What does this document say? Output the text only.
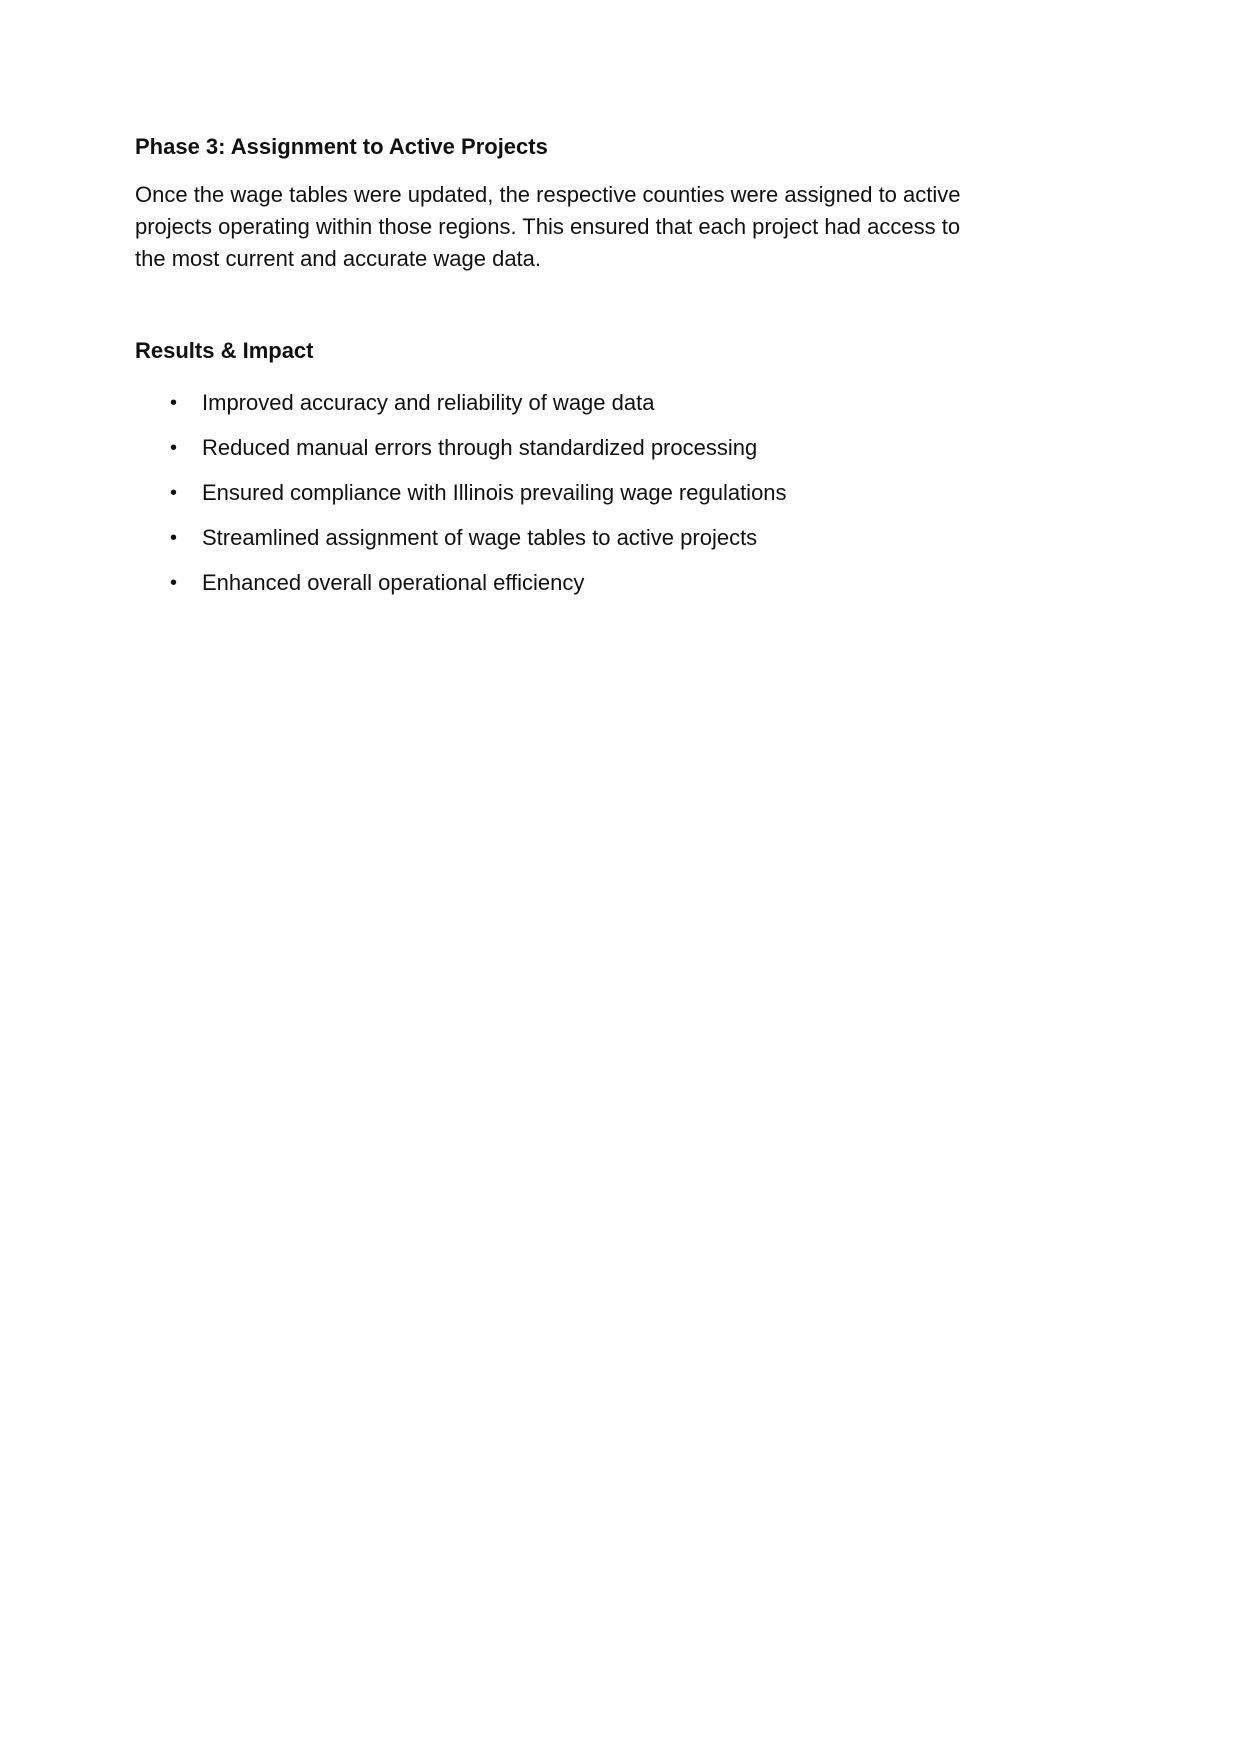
Phase 3: Assignment to Active Projects

Once the wage tables were updated, the respective counties were assigned to active projects operating within those regions. This ensured that each project had access to the most current and accurate wage data.

Results & Impact
• Improved accuracy and reliability of wage data
• Reduced manual errors through standardized processing
• Ensured compliance with Illinois prevailing wage regulations
• Streamlined assignment of wage tables to active projects
• Enhanced overall operational efficiency
